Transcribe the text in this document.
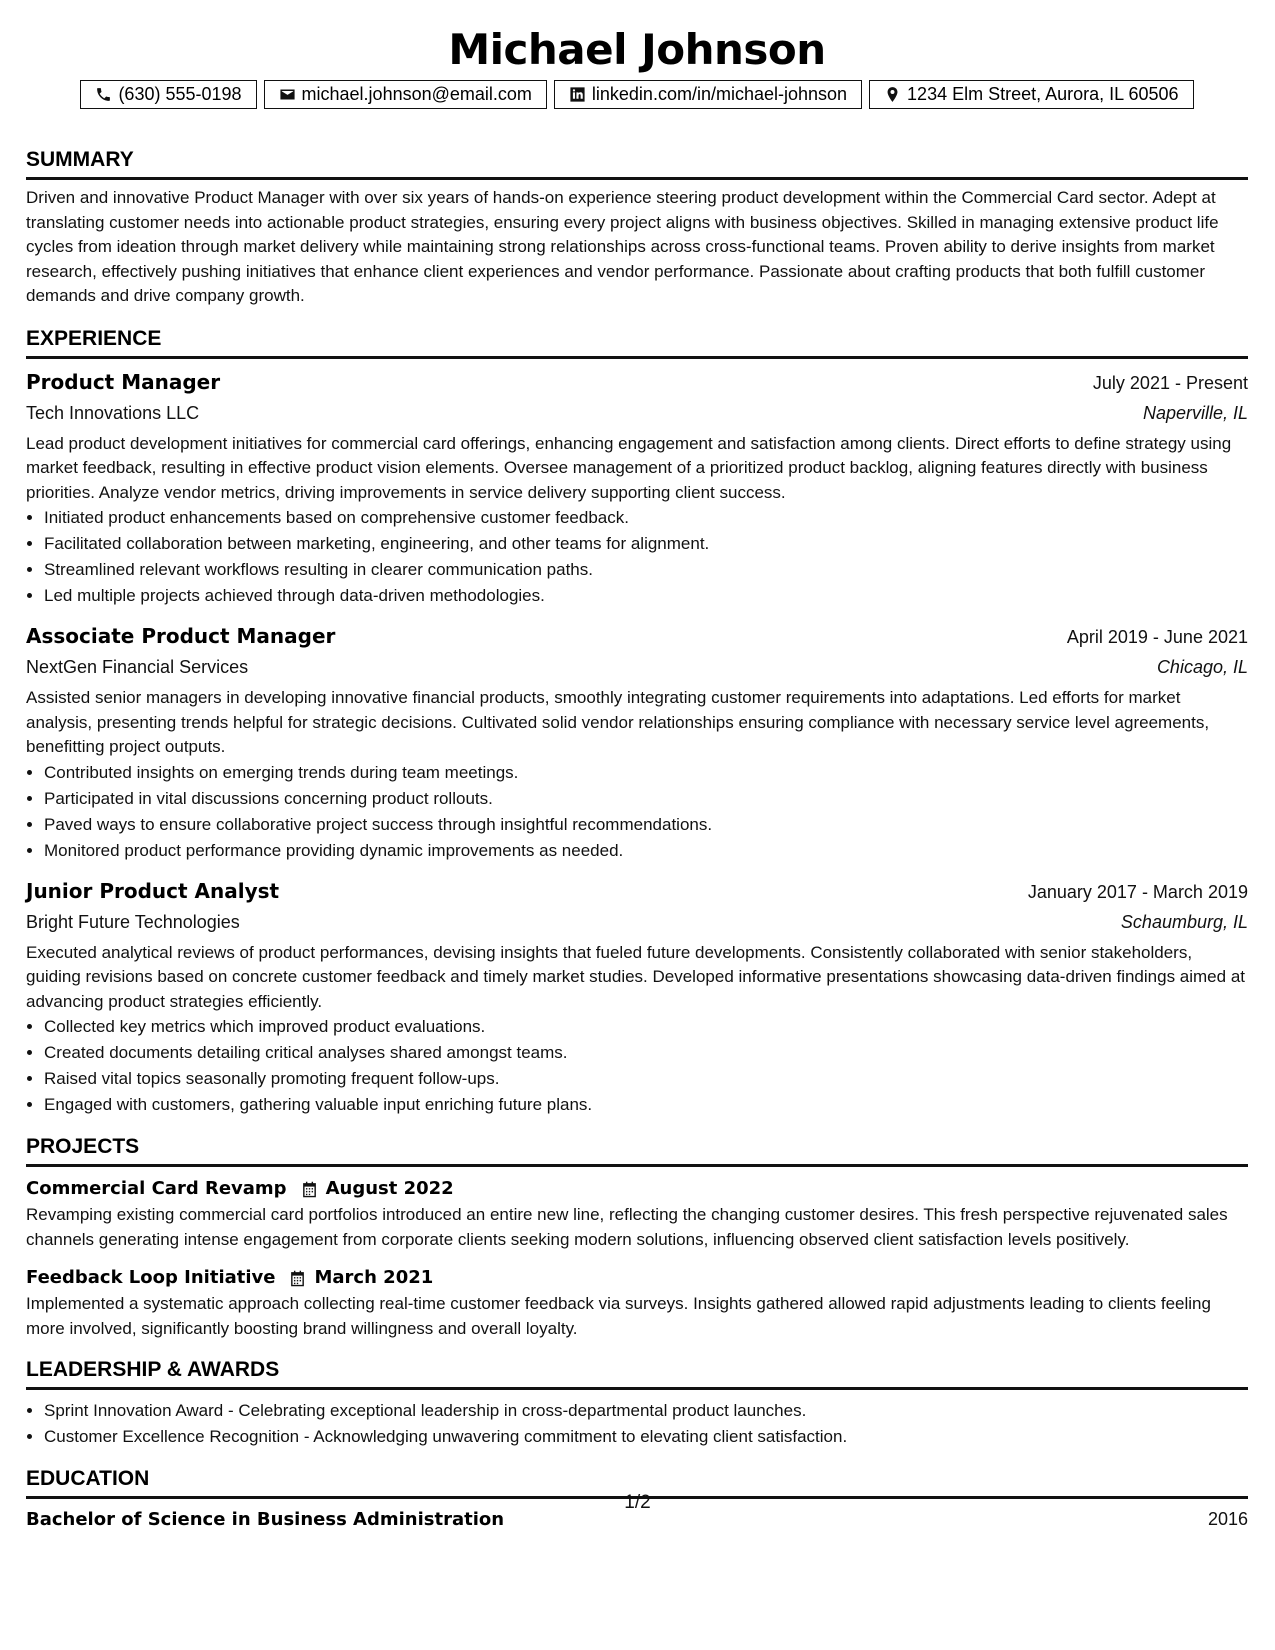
Michael Johnson
(630) 555-0198	michael.johnson@email.com	linkedin.com/in/michael-johnson	1234 Elm Street, Aurora, IL 60506
SUMMARY
Driven and innovative Product Manager with over six years of hands-on experience steering product development within the Commercial Card sector. Adept at translating customer needs into actionable product strategies, ensuring every project aligns with business objectives. Skilled in managing extensive product life cycles from ideation through market delivery while maintaining strong relationships across cross-functional teams. Proven ability to derive insights from market research, effectively pushing initiatives that enhance client experiences and vendor performance. Passionate about crafting products that both fulfill customer demands and drive company growth.
EXPERIENCE
Product Manager	July 2021 - Present
Tech Innovations LLC	Naperville, IL
Lead product development initiatives for commercial card offerings, enhancing engagement and satisfaction among clients. Direct efforts to define strategy using market feedback, resulting in effective product vision elements. Oversee management of a prioritized product backlog, aligning features directly with business priorities. Analyze vendor metrics, driving improvements in service delivery supporting client success.
• Initiated product enhancements based on comprehensive customer feedback.
• Facilitated collaboration between marketing, engineering, and other teams for alignment.
• Streamlined relevant workflows resulting in clearer communication paths.
• Led multiple projects achieved through data-driven methodologies.
Associate Product Manager	April 2019 - June 2021
NextGen Financial Services	Chicago, IL
Assisted senior managers in developing innovative financial products, smoothly integrating customer requirements into adaptations. Led efforts for market analysis, presenting trends helpful for strategic decisions. Cultivated solid vendor relationships ensuring compliance with necessary service level agreements, benefitting project outputs.
• Contributed insights on emerging trends during team meetings.
• Participated in vital discussions concerning product rollouts.
• Paved ways to ensure collaborative project success through insightful recommendations.
• Monitored product performance providing dynamic improvements as needed.
Junior Product Analyst	January 2017 - March 2019
Bright Future Technologies	Schaumburg, IL
Executed analytical reviews of product performances, devising insights that fueled future developments. Consistently collaborated with senior stakeholders, guiding revisions based on concrete customer feedback and timely market studies. Developed informative presentations showcasing data-driven findings aimed at advancing product strategies efficiently.
• Collected key metrics which improved product evaluations.
• Created documents detailing critical analyses shared amongst teams.
• Raised vital topics seasonally promoting frequent follow-ups.
• Engaged with customers, gathering valuable input enriching future plans.
PROJECTS
Commercial Card Revamp August 2022
Revamping existing commercial card portfolios introduced an entire new line, reflecting the changing customer desires. This fresh perspective rejuvenated sales channels generating intense engagement from corporate clients seeking modern solutions, influencing observed client satisfaction levels positively.
Feedback Loop Initiative March 2021
Implemented a systematic approach collecting real-time customer feedback via surveys. Insights gathered allowed rapid adjustments leading to clients feeling more involved, significantly boosting brand willingness and overall loyalty.
LEADERSHIP & AWARDS
• Sprint Innovation Award - Celebrating exceptional leadership in cross-departmental product launches.
• Customer Excellence Recognition - Acknowledging unwavering commitment to elevating client satisfaction.
EDUCATION
Bachelor of Science in Business Administration	2016
1/2
